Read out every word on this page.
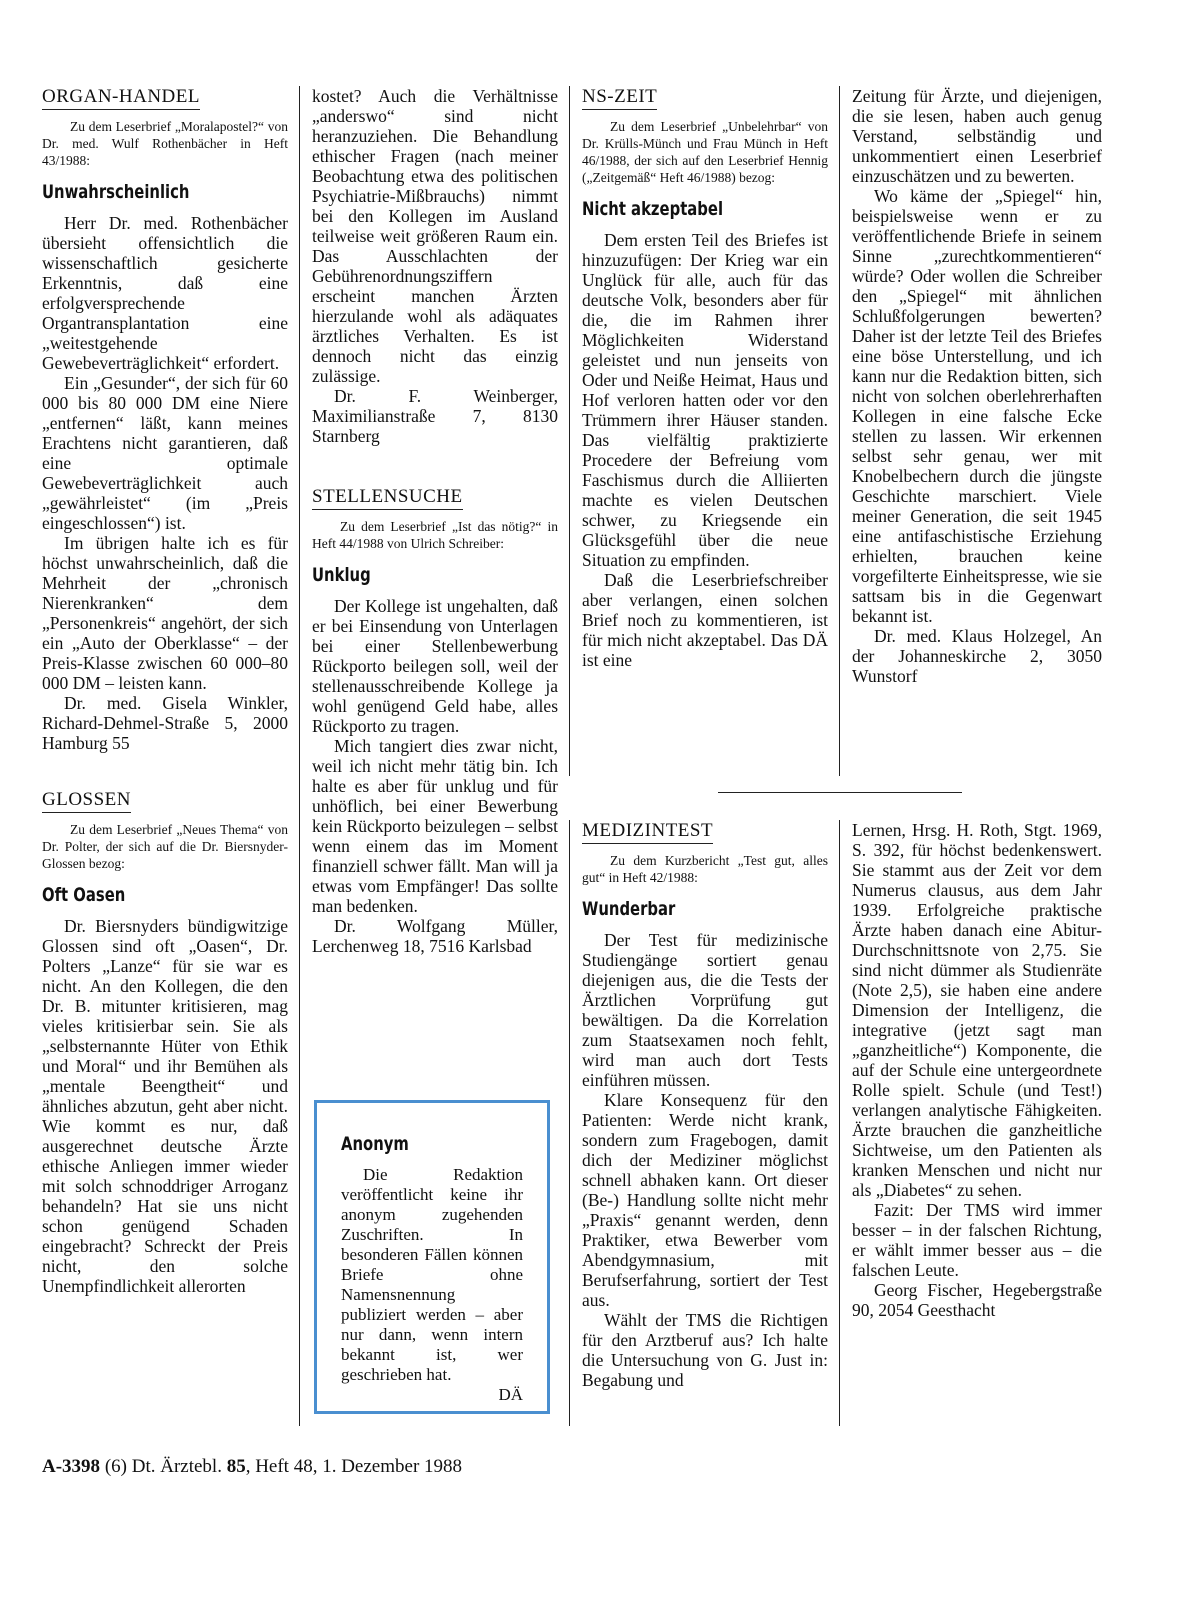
ORGAN-HANDEL

Zu dem Leserbrief „Moralapostel?“ von Dr. med. Wulf Rothenbächer in Heft 43/1988:

Unwahrscheinlich

Herr Dr. med. Rothenbächer übersieht offensichtlich die wissenschaftlich gesicherte Erkenntnis, daß eine erfolgversprechende Organtransplantation eine „weitestgehende Gewebeverträglichkeit“ erfordert.

Ein „Gesunder“, der sich für 60 000 bis 80 000 DM eine Niere „entfernen“ läßt, kann meines Erachtens nicht garantieren, daß eine optimale Gewebeverträglichkeit auch „gewährleistet“ (im „Preis eingeschlossen“) ist.

Im übrigen halte ich es für höchst unwahrscheinlich, daß die Mehrheit der „chronisch Nierenkranken“ dem „Personenkreis“ angehört, der sich ein „Auto der Oberklasse“ – der Preis-Klasse zwischen 60 000–80 000 DM – leisten kann.

Dr. med. Gisela Winkler, Richard-Dehmel-Straße 5, 2000 Hamburg 55

GLOSSEN

Zu dem Leserbrief „Neues Thema“ von Dr. Polter, der sich auf die Dr. Biersnyder-Glossen bezog:

Oft Oasen

Dr. Biersnyders bündigwitzige Glossen sind oft „Oasen“, Dr. Polters „Lanze“ für sie war es nicht. An den Kollegen, die den Dr. B. mitunter kritisieren, mag vieles kritisierbar sein. Sie als „selbsternannte Hüter von Ethik und Moral“ und ihr Bemühen als „mentale Beengtheit“ und ähnliches abzutun, geht aber nicht. Wie kommt es nur, daß ausgerechnet deutsche Ärzte ethische Anliegen immer wieder mit solch schnoddriger Arroganz behandeln? Hat sie uns nicht schon genügend Schaden eingebracht? Schreckt der Preis nicht, den solche Unempfindlichkeit allerorten

kostet? Auch die Verhältnisse „anderswo“ sind nicht heranzuziehen. Die Behandlung ethischer Fragen (nach meiner Beobachtung etwa des politischen Psychiatrie-Mißbrauchs) nimmt bei den Kollegen im Ausland teilweise weit größeren Raum ein. Das Ausschlachten der Gebührenordnungsziffern erscheint manchen Ärzten hierzulande wohl als adäquates ärztliches Verhalten. Es ist dennoch nicht das einzig zulässige.

Dr. F. Weinberger, Maximilianstraße 7, 8130 Starnberg

STELLENSUCHE

Zu dem Leserbrief „Ist das nötig?“ in Heft 44/1988 von Ulrich Schreiber:

Unklug

Der Kollege ist ungehalten, daß er bei Einsendung von Unterlagen bei einer Stellenbewerbung Rückporto beilegen soll, weil der stellenausschreibende Kollege ja wohl genügend Geld habe, alles Rückporto zu tragen.

Mich tangiert dies zwar nicht, weil ich nicht mehr tätig bin. Ich halte es aber für unklug und für unhöflich, bei einer Bewerbung kein Rückporto beizulegen – selbst wenn einem das im Moment finanziell schwer fällt. Man will ja etwas vom Empfänger! Das sollte man bedenken.

Dr. Wolfgang Müller, Lerchenweg 18, 7516 Karlsbad

Anonym

Die Redaktion veröffentlicht keine ihr anonym zugehenden Zuschriften. In besonderen Fällen können Briefe ohne Namensnennung publiziert werden – aber nur dann, wenn intern bekannt ist, wer geschrieben hat.

DÄ

NS-ZEIT

Zu dem Leserbrief „Unbelehrbar“ von Dr. Krülls-Münch und Frau Münch in Heft 46/1988, der sich auf den Leserbrief Hennig („Zeitgemäß“ Heft 46/1988) bezog:

Nicht akzeptabel

Dem ersten Teil des Briefes ist hinzuzufügen: Der Krieg war ein Unglück für alle, auch für das deutsche Volk, besonders aber für die, die im Rahmen ihrer Möglichkeiten Widerstand geleistet und nun jenseits von Oder und Neiße Heimat, Haus und Hof verloren hatten oder vor den Trümmern ihrer Häuser standen. Das vielfältig praktizierte Procedere der Befreiung vom Faschismus durch die Alliierten machte es vielen Deutschen schwer, zu Kriegsende ein Glücksgefühl über die neue Situation zu empfinden.

Daß die Leserbriefschreiber aber verlangen, einen solchen Brief noch zu kommentieren, ist für mich nicht akzeptabel. Das DÄ ist eine

Zeitung für Ärzte, und diejenigen, die sie lesen, haben auch genug Verstand, selbständig und unkommentiert einen Leserbrief einzuschätzen und zu bewerten.

Wo käme der „Spiegel“ hin, beispielsweise wenn er zu veröffentlichende Briefe in seinem Sinne „zurechtkommentieren“ würde? Oder wollen die Schreiber den „Spiegel“ mit ähnlichen Schlußfolgerungen bewerten? Daher ist der letzte Teil des Briefes eine böse Unterstellung, und ich kann nur die Redaktion bitten, sich nicht von solchen oberlehrerhaften Kollegen in eine falsche Ecke stellen zu lassen. Wir erkennen selbst sehr genau, wer mit Knobelbechern durch die jüngste Geschichte marschiert. Viele meiner Generation, die seit 1945 eine antifaschistische Erziehung erhielten, brauchen keine vorgefilterte Einheitspresse, wie sie sattsam bis in die Gegenwart bekannt ist.

Dr. med. Klaus Holzegel, An der Johanneskirche 2, 3050 Wunstorf

MEDIZINTEST

Zu dem Kurzbericht „Test gut, alles gut“ in Heft 42/1988:

Wunderbar

Der Test für medizinische Studiengänge sortiert genau diejenigen aus, die die Tests der Ärztlichen Vorprüfung gut bewältigen. Da die Korrelation zum Staatsexamen noch fehlt, wird man auch dort Tests einführen müssen.

Klare Konsequenz für den Patienten: Werde nicht krank, sondern zum Fragebogen, damit dich der Mediziner möglichst schnell abhaken kann. Ort dieser (Be-) Handlung sollte nicht mehr „Praxis“ genannt werden, denn Praktiker, etwa Bewerber vom Abendgymnasium, mit Berufserfahrung, sortiert der Test aus.

Wählt der TMS die Richtigen für den Arztberuf aus? Ich halte die Untersuchung von G. Just in: Begabung und

Lernen, Hrsg. H. Roth, Stgt. 1969, S. 392, für höchst bedenkenswert. Sie stammt aus der Zeit vor dem Numerus clausus, aus dem Jahr 1939. Erfolgreiche praktische Ärzte haben danach eine Abitur-Durchschnittsnote von 2,75. Sie sind nicht dümmer als Studienräte (Note 2,5), sie haben eine andere Dimension der Intelligenz, die integrative (jetzt sagt man „ganzheitliche“) Komponente, die auf der Schule eine untergeordnete Rolle spielt. Schule (und Test!) verlangen analytische Fähigkeiten. Ärzte brauchen die ganzheitliche Sichtweise, um den Patienten als kranken Menschen und nicht nur als „Diabetes“ zu sehen.

Fazit: Der TMS wird immer besser – in der falschen Richtung, er wählt immer besser aus – die falschen Leute.

Georg Fischer, Hegebergstraße 90, 2054 Geesthacht

A-3398 (6) Dt. Ärztebl. 85, Heft 48, 1. Dezember 1988
